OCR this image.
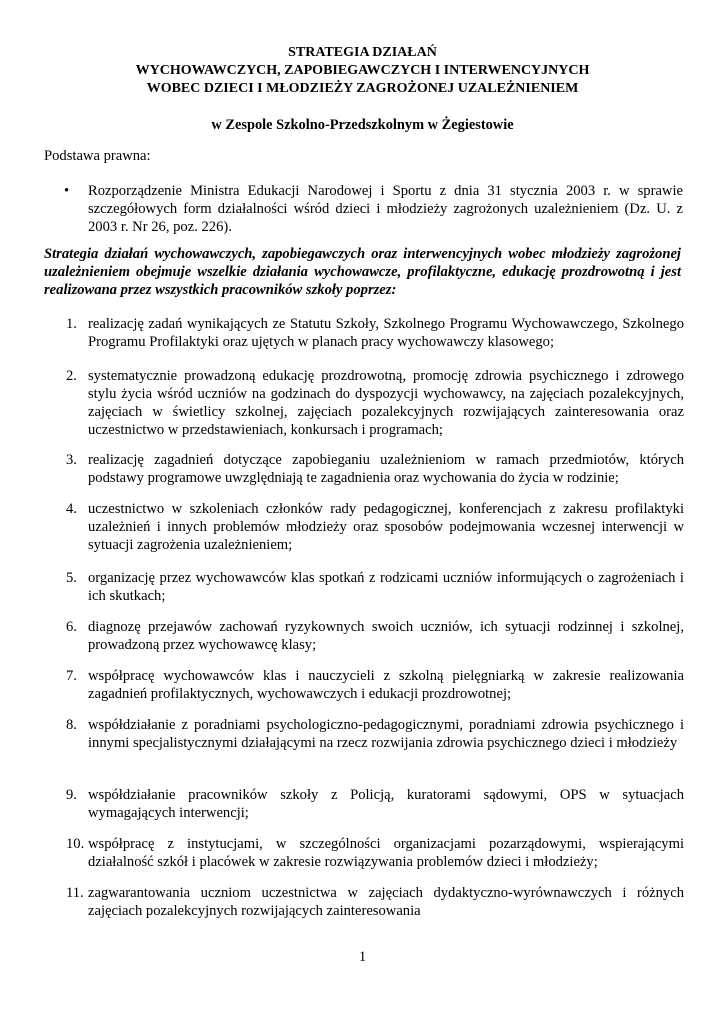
STRATEGIA DZIAŁAŃ
WYCHOWAWCZYCH, ZAPOBIEGAWCZYCH I INTERWENCYJNYCH
WOBEC DZIECI I MŁODZIEŻY ZAGROŻONEJ UZALEŻNIENIEM
w Zespole Szkolno-Przedszkolnym w Żegiestowie
Podstawa prawna:
•	Rozporządzenie Ministra Edukacji Narodowej i Sportu z dnia 31 stycznia 2003 r. w sprawie szczegółowych form działalności wśród dzieci i młodzieży zagrożonych uzależnieniem (Dz. U. z 2003 r. Nr 26, poz. 226).
Strategia działań wychowawczych, zapobiegawczych oraz interwencyjnych wobec młodzieży zagrożonej uzależnieniem obejmuje wszelkie działania wychowawcze, profilaktyczne, edukację prozdrowotną i jest realizowana przez wszystkich pracowników szkoły poprzez:
1. realizację zadań wynikających ze Statutu Szkoły, Szkolnego Programu Wychowawczego, Szkolnego Programu Profilaktyki oraz ujętych w planach pracy wychowawczy klasowego;
2. systematycznie prowadzoną edukację prozdrowotną, promocję zdrowia psychicznego i zdrowego stylu życia wśród uczniów na godzinach do dyspozycji wychowawcy, na zajęciach pozalekcyjnych, zajęciach w świetlicy szkolnej, zajęciach pozalekcyjnych rozwijających zainteresowania oraz uczestnictwo w przedstawieniach, konkursach i programach;
3. realizację zagadnień dotyczące zapobieganiu uzależnieniom w ramach przedmiotów, których podstawy programowe uwzględniają te zagadnienia oraz wychowania do życia w rodzinie;
4. uczestnictwo w szkoleniach członków rady pedagogicznej, konferencjach z zakresu profilaktyki uzależnień i innych problemów młodzieży oraz sposobów podejmowania wczesnej interwencji w sytuacji zagrożenia uzależnieniem;
5. organizację przez wychowawców klas spotkań z rodzicami uczniów informujących o zagrożeniach i ich skutkach;
6. diagnozę przejawów zachowań ryzykownych swoich uczniów, ich sytuacji rodzinnej i szkolnej, prowadzoną przez wychowawcę klasy;
7. współpracę wychowawców klas i nauczycieli z szkolną pielęgniarką w zakresie realizowania zagadnień profilaktycznych, wychowawczych i edukacji prozdrowotnej;
8. współdziałanie z poradniami psychologiczno-pedagogicznymi, poradniami zdrowia psychicznego i innymi specjalistycznymi działającymi na rzecz rozwijania zdrowia psychicznego dzieci i młodzieży
9. współdziałanie pracowników szkoły z Policją, kuratorami sądowymi, OPS w sytuacjach wymagających interwencji;
10. współpracę z instytucjami, w szczególności organizacjami pozarządowymi, wspierającymi działalność szkół i placówek w zakresie rozwiązywania problemów dzieci i młodzieży;
11. zagwarantowania uczniom uczestnictwa w zajęciach dydaktyczno-wyrównawczych i różnych zajęciach pozalekcyjnych rozwijających zainteresowania
1
